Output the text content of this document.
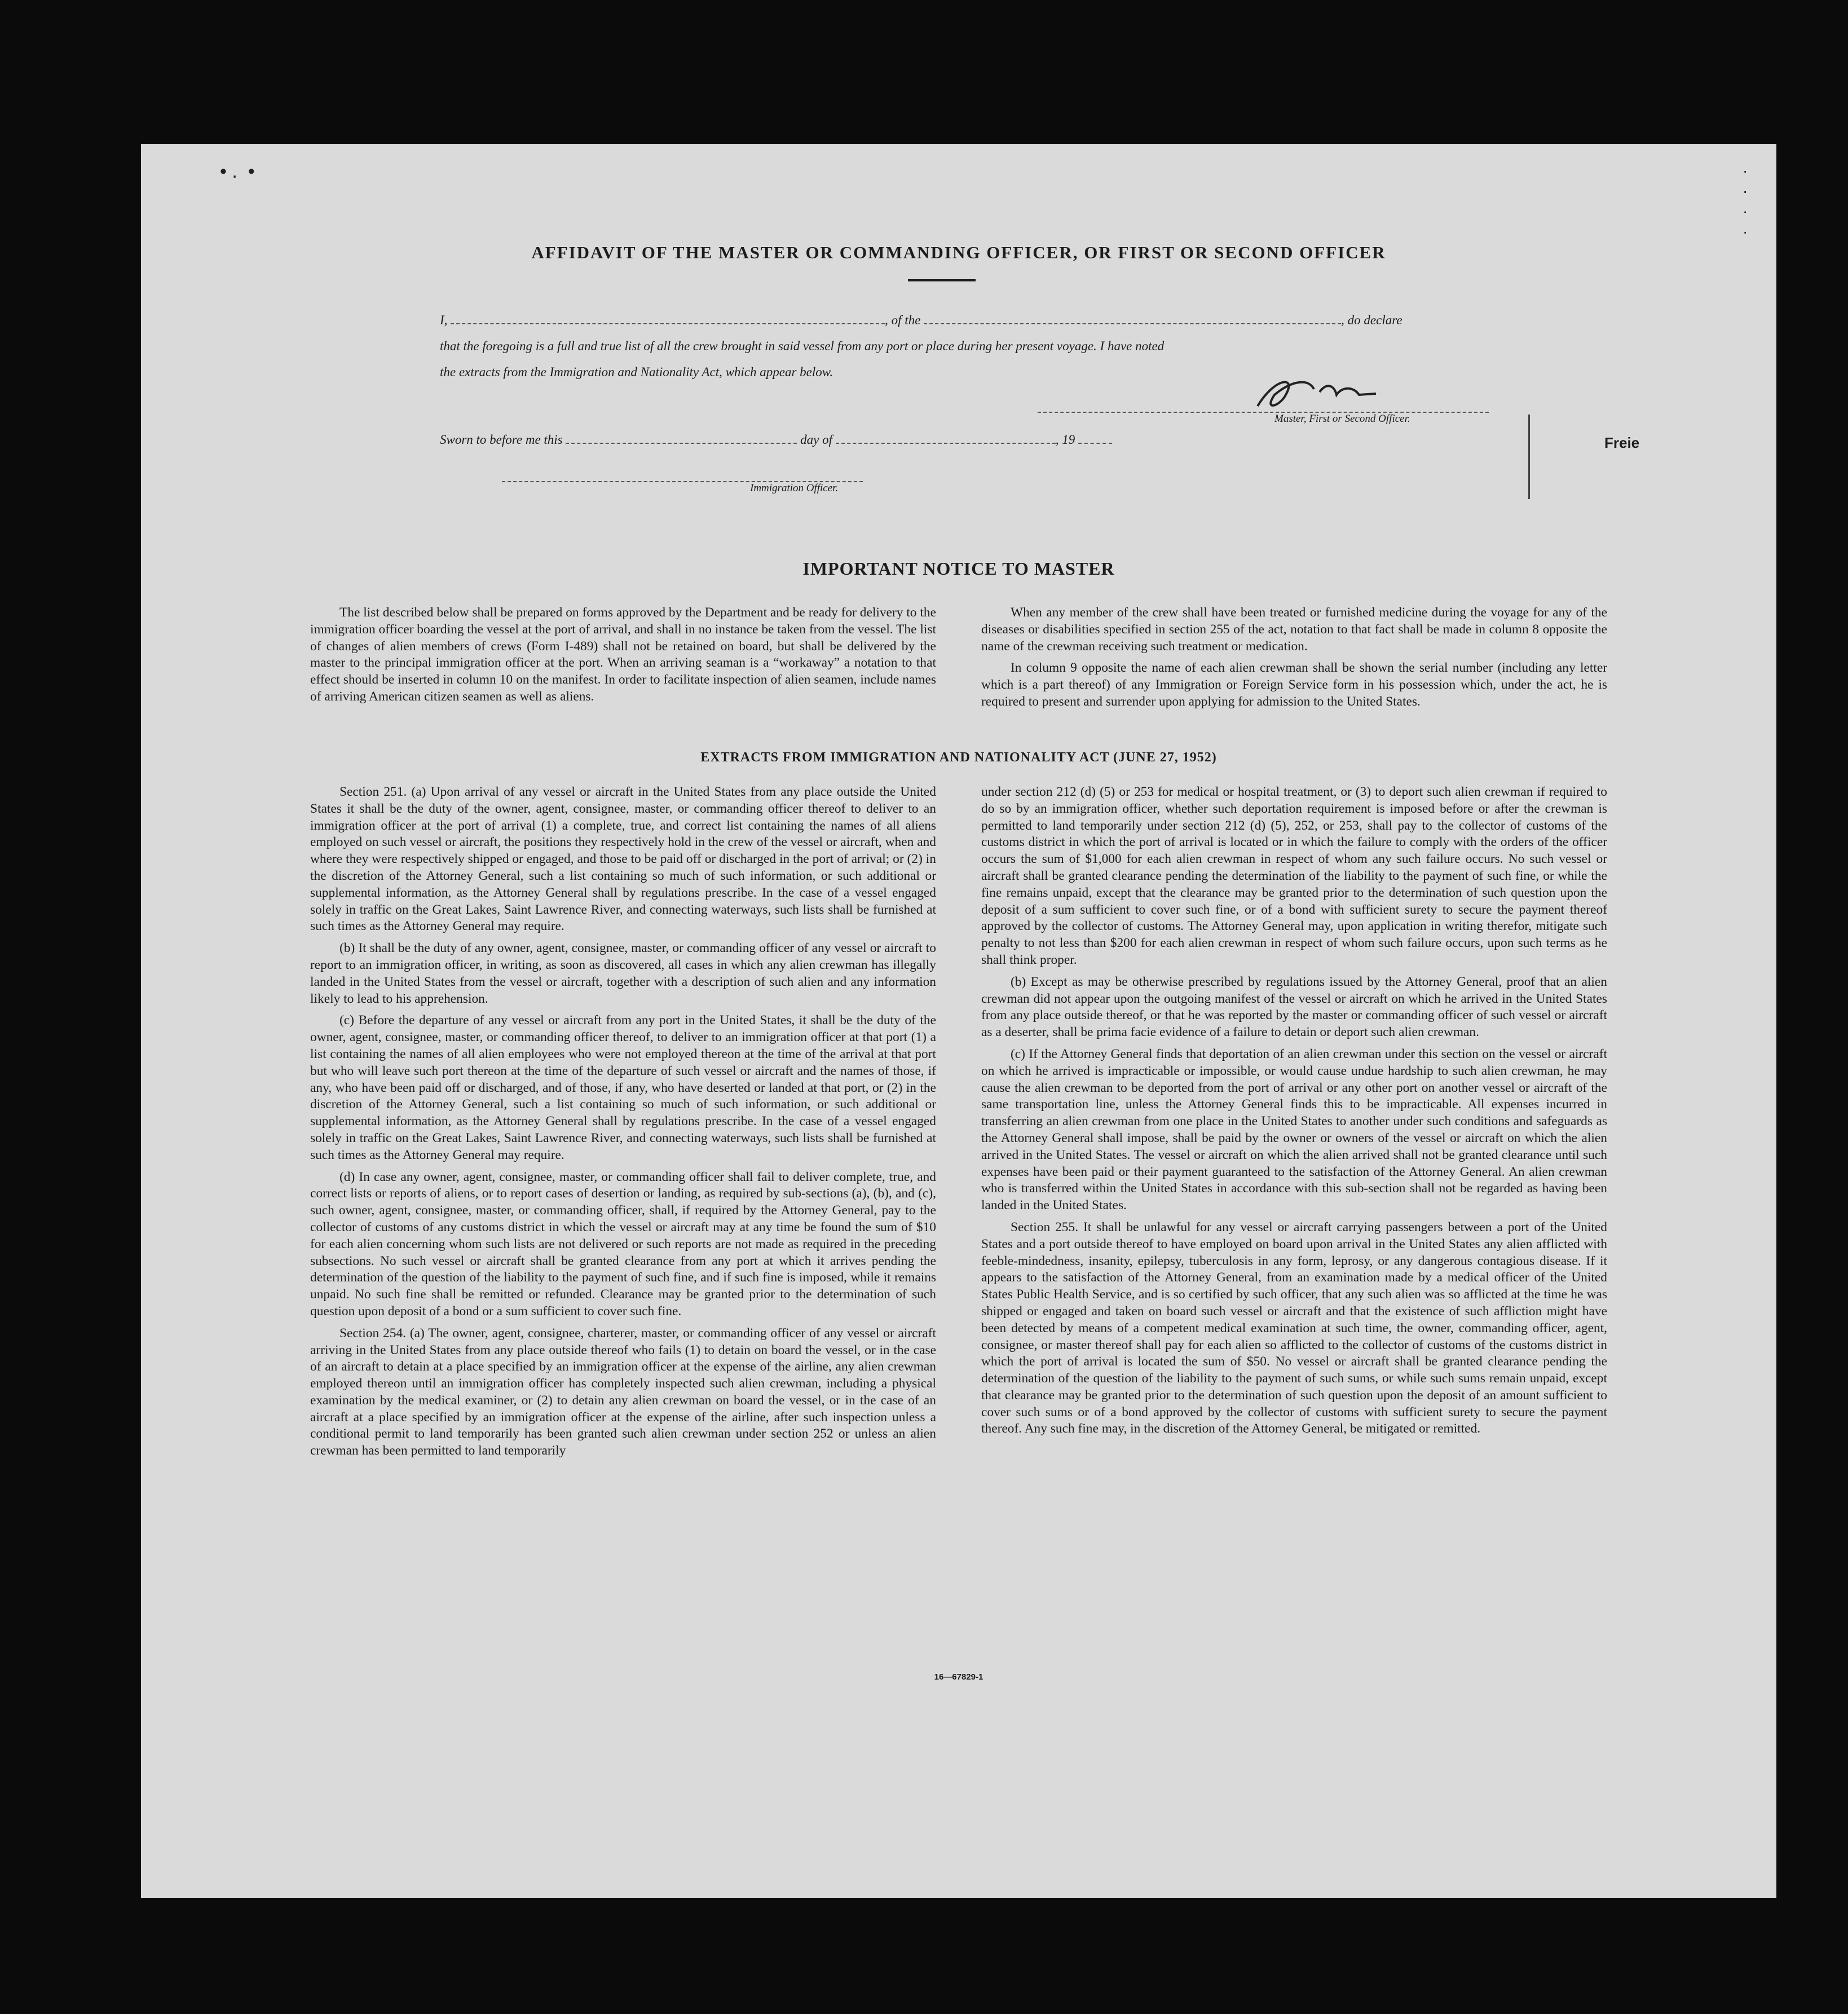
• .  •	·
·
·
·
AFFIDAVIT OF THE MASTER OR COMMANDING OFFICER, OR FIRST OR SECOND OFFICER
I,	, of the	, do declare
that the foregoing is a full and true list of all the crew brought in said vessel from any port or place during her present voyage. I have noted
the extracts from the Immigration and Nationality Act, which appear below.
Master, First or Second Officer.
Sworn to before me this	day of	, 19	Freie
Immigration Officer.
IMPORTANT NOTICE TO MASTER

The list described below shall be prepared on forms approved by the Department and be ready for delivery to the immigration officer boarding the vessel at the port of arrival, and shall in no instance be taken from the vessel. The list of changes of alien members of crews (Form I-489) shall not be retained on board, but shall be delivered by the master to the principal immigration officer at the port. When an arriving seaman is a “workaway” a notation to that effect should be inserted in column 10 on the manifest. In order to facilitate inspection of alien seamen, include names of arriving American citizen seamen as well as aliens.

When any member of the crew shall have been treated or furnished medicine during the voyage for any of the diseases or disabilities specified in section 255 of the act, notation to that fact shall be made in column 8 opposite the name of the crewman receiving such treatment or medication.

In column 9 opposite the name of each alien crewman shall be shown the serial number (including any letter which is a part thereof) of any Immigration or Foreign Service form in his possession which, under the act, he is required to present and surrender upon applying for admission to the United States.

EXTRACTS FROM IMMIGRATION AND NATIONALITY ACT (JUNE 27, 1952)

Section 251. (a) Upon arrival of any vessel or aircraft in the United States from any place outside the United States it shall be the duty of the owner, agent, consignee, master, or commanding officer thereof to deliver to an immigration officer at the port of arrival (1) a complete, true, and correct list containing the names of all aliens employed on such vessel or aircraft, the positions they respectively hold in the crew of the vessel or aircraft, when and where they were respectively shipped or engaged, and those to be paid off or discharged in the port of arrival; or (2) in the discretion of the Attorney General, such a list containing so much of such information, or such additional or supplemental information, as the Attorney General shall by regulations prescribe. In the case of a vessel engaged solely in traffic on the Great Lakes, Saint Lawrence River, and connecting waterways, such lists shall be furnished at such times as the Attorney General may require.

(b) It shall be the duty of any owner, agent, consignee, master, or commanding officer of any vessel or aircraft to report to an immigration officer, in writing, as soon as discovered, all cases in which any alien crewman has illegally landed in the United States from the vessel or aircraft, together with a description of such alien and any information likely to lead to his apprehension.

(c) Before the departure of any vessel or aircraft from any port in the United States, it shall be the duty of the owner, agent, consignee, master, or commanding officer thereof, to deliver to an immigration officer at that port (1) a list containing the names of all alien employees who were not employed thereon at the time of the arrival at that port but who will leave such port thereon at the time of the departure of such vessel or aircraft and the names of those, if any, who have been paid off or discharged, and of those, if any, who have deserted or landed at that port, or (2) in the discretion of the Attorney General, such a list containing so much of such information, or such additional or supplemental information, as the Attorney General shall by regulations prescribe. In the case of a vessel engaged solely in traffic on the Great Lakes, Saint Lawrence River, and connecting waterways, such lists shall be furnished at such times as the Attorney General may require.

(d) In case any owner, agent, consignee, master, or commanding officer shall fail to deliver complete, true, and correct lists or reports of aliens, or to report cases of desertion or landing, as required by sub-sections (a), (b), and (c), such owner, agent, consignee, master, or commanding officer, shall, if required by the Attorney General, pay to the collector of customs of any customs district in which the vessel or aircraft may at any time be found the sum of $10 for each alien concerning whom such lists are not delivered or such reports are not made as required in the preceding subsections. No such vessel or aircraft shall be granted clearance from any port at which it arrives pending the determination of the question of the liability to the payment of such fine, and if such fine is imposed, while it remains unpaid. No such fine shall be remitted or refunded. Clearance may be granted prior to the determination of such question upon deposit of a bond or a sum sufficient to cover such fine.

Section 254. (a) The owner, agent, consignee, charterer, master, or commanding officer of any vessel or aircraft arriving in the United States from any place outside thereof who fails (1) to detain on board the vessel, or in the case of an aircraft to detain at a place specified by an immigration officer at the expense of the airline, any alien crewman employed thereon until an immigration officer has completely inspected such alien crewman, including a physical examination by the medical examiner, or (2) to detain any alien crewman on board the vessel, or in the case of an aircraft at a place specified by an immigration officer at the expense of the airline, after such inspection unless a conditional permit to land temporarily has been granted such alien crewman under section 252 or unless an alien crewman has been permitted to land temporarily

under section 212 (d) (5) or 253 for medical or hospital treatment, or (3) to deport such alien crewman if required to do so by an immigration officer, whether such deportation requirement is imposed before or after the crewman is permitted to land temporarily under section 212 (d) (5), 252, or 253, shall pay to the collector of customs of the customs district in which the port of arrival is located or in which the failure to comply with the orders of the officer occurs the sum of $1,000 for each alien crewman in respect of whom any such failure occurs. No such vessel or aircraft shall be granted clearance pending the determination of the liability to the payment of such fine, or while the fine remains unpaid, except that the clearance may be granted prior to the determination of such question upon the deposit of a sum sufficient to cover such fine, or of a bond with sufficient surety to secure the payment thereof approved by the collector of customs. The Attorney General may, upon application in writing therefor, mitigate such penalty to not less than $200 for each alien crewman in respect of whom such failure occurs, upon such terms as he shall think proper.

(b) Except as may be otherwise prescribed by regulations issued by the Attorney General, proof that an alien crewman did not appear upon the outgoing manifest of the vessel or aircraft on which he arrived in the United States from any place outside thereof, or that he was reported by the master or commanding officer of such vessel or aircraft as a deserter, shall be prima facie evidence of a failure to detain or deport such alien crewman.

(c) If the Attorney General finds that deportation of an alien crewman under this section on the vessel or aircraft on which he arrived is impracticable or impossible, or would cause undue hardship to such alien crewman, he may cause the alien crewman to be deported from the port of arrival or any other port on another vessel or aircraft of the same transportation line, unless the Attorney General finds this to be impracticable. All expenses incurred in transferring an alien crewman from one place in the United States to another under such conditions and safeguards as the Attorney General shall impose, shall be paid by the owner or owners of the vessel or aircraft on which the alien arrived in the United States. The vessel or aircraft on which the alien arrived shall not be granted clearance until such expenses have been paid or their payment guaranteed to the satisfaction of the Attorney General. An alien crewman who is transferred within the United States in accordance with this sub-section shall not be regarded as having been landed in the United States.

Section 255. It shall be unlawful for any vessel or aircraft carrying passengers between a port of the United States and a port outside thereof to have employed on board upon arrival in the United States any alien afflicted with feeble-mindedness, insanity, epilepsy, tuberculosis in any form, leprosy, or any dangerous contagious disease. If it appears to the satisfaction of the Attorney General, from an examination made by a medical officer of the United States Public Health Service, and is so certified by such officer, that any such alien was so afflicted at the time he was shipped or engaged and taken on board such vessel or aircraft and that the existence of such affliction might have been detected by means of a competent medical examination at such time, the owner, commanding officer, agent, consignee, or master thereof shall pay for each alien so afflicted to the collector of customs of the customs district in which the port of arrival is located the sum of $50. No vessel or aircraft shall be granted clearance pending the determination of the question of the liability to the payment of such sums, or while such sums remain unpaid, except that clearance may be granted prior to the determination of such question upon the deposit of an amount sufficient to cover such sums or of a bond approved by the collector of customs with sufficient surety to secure the payment thereof. Any such fine may, in the discretion of the Attorney General, be mitigated or remitted.

16—67829-1
